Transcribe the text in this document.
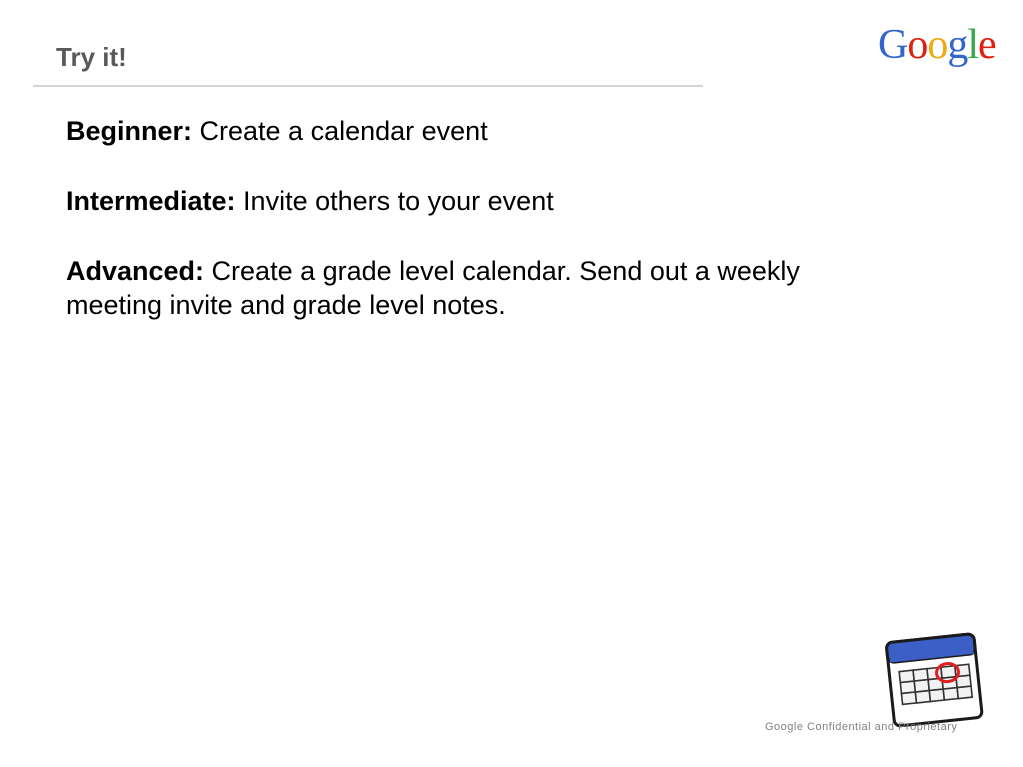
Try it!	Google

Beginner: Create a calendar event

Intermediate: Invite others to your event

Advanced: Create a grade level calendar. Send out a weekly meeting invite and grade level notes.

Google Confidential and Proprietary
